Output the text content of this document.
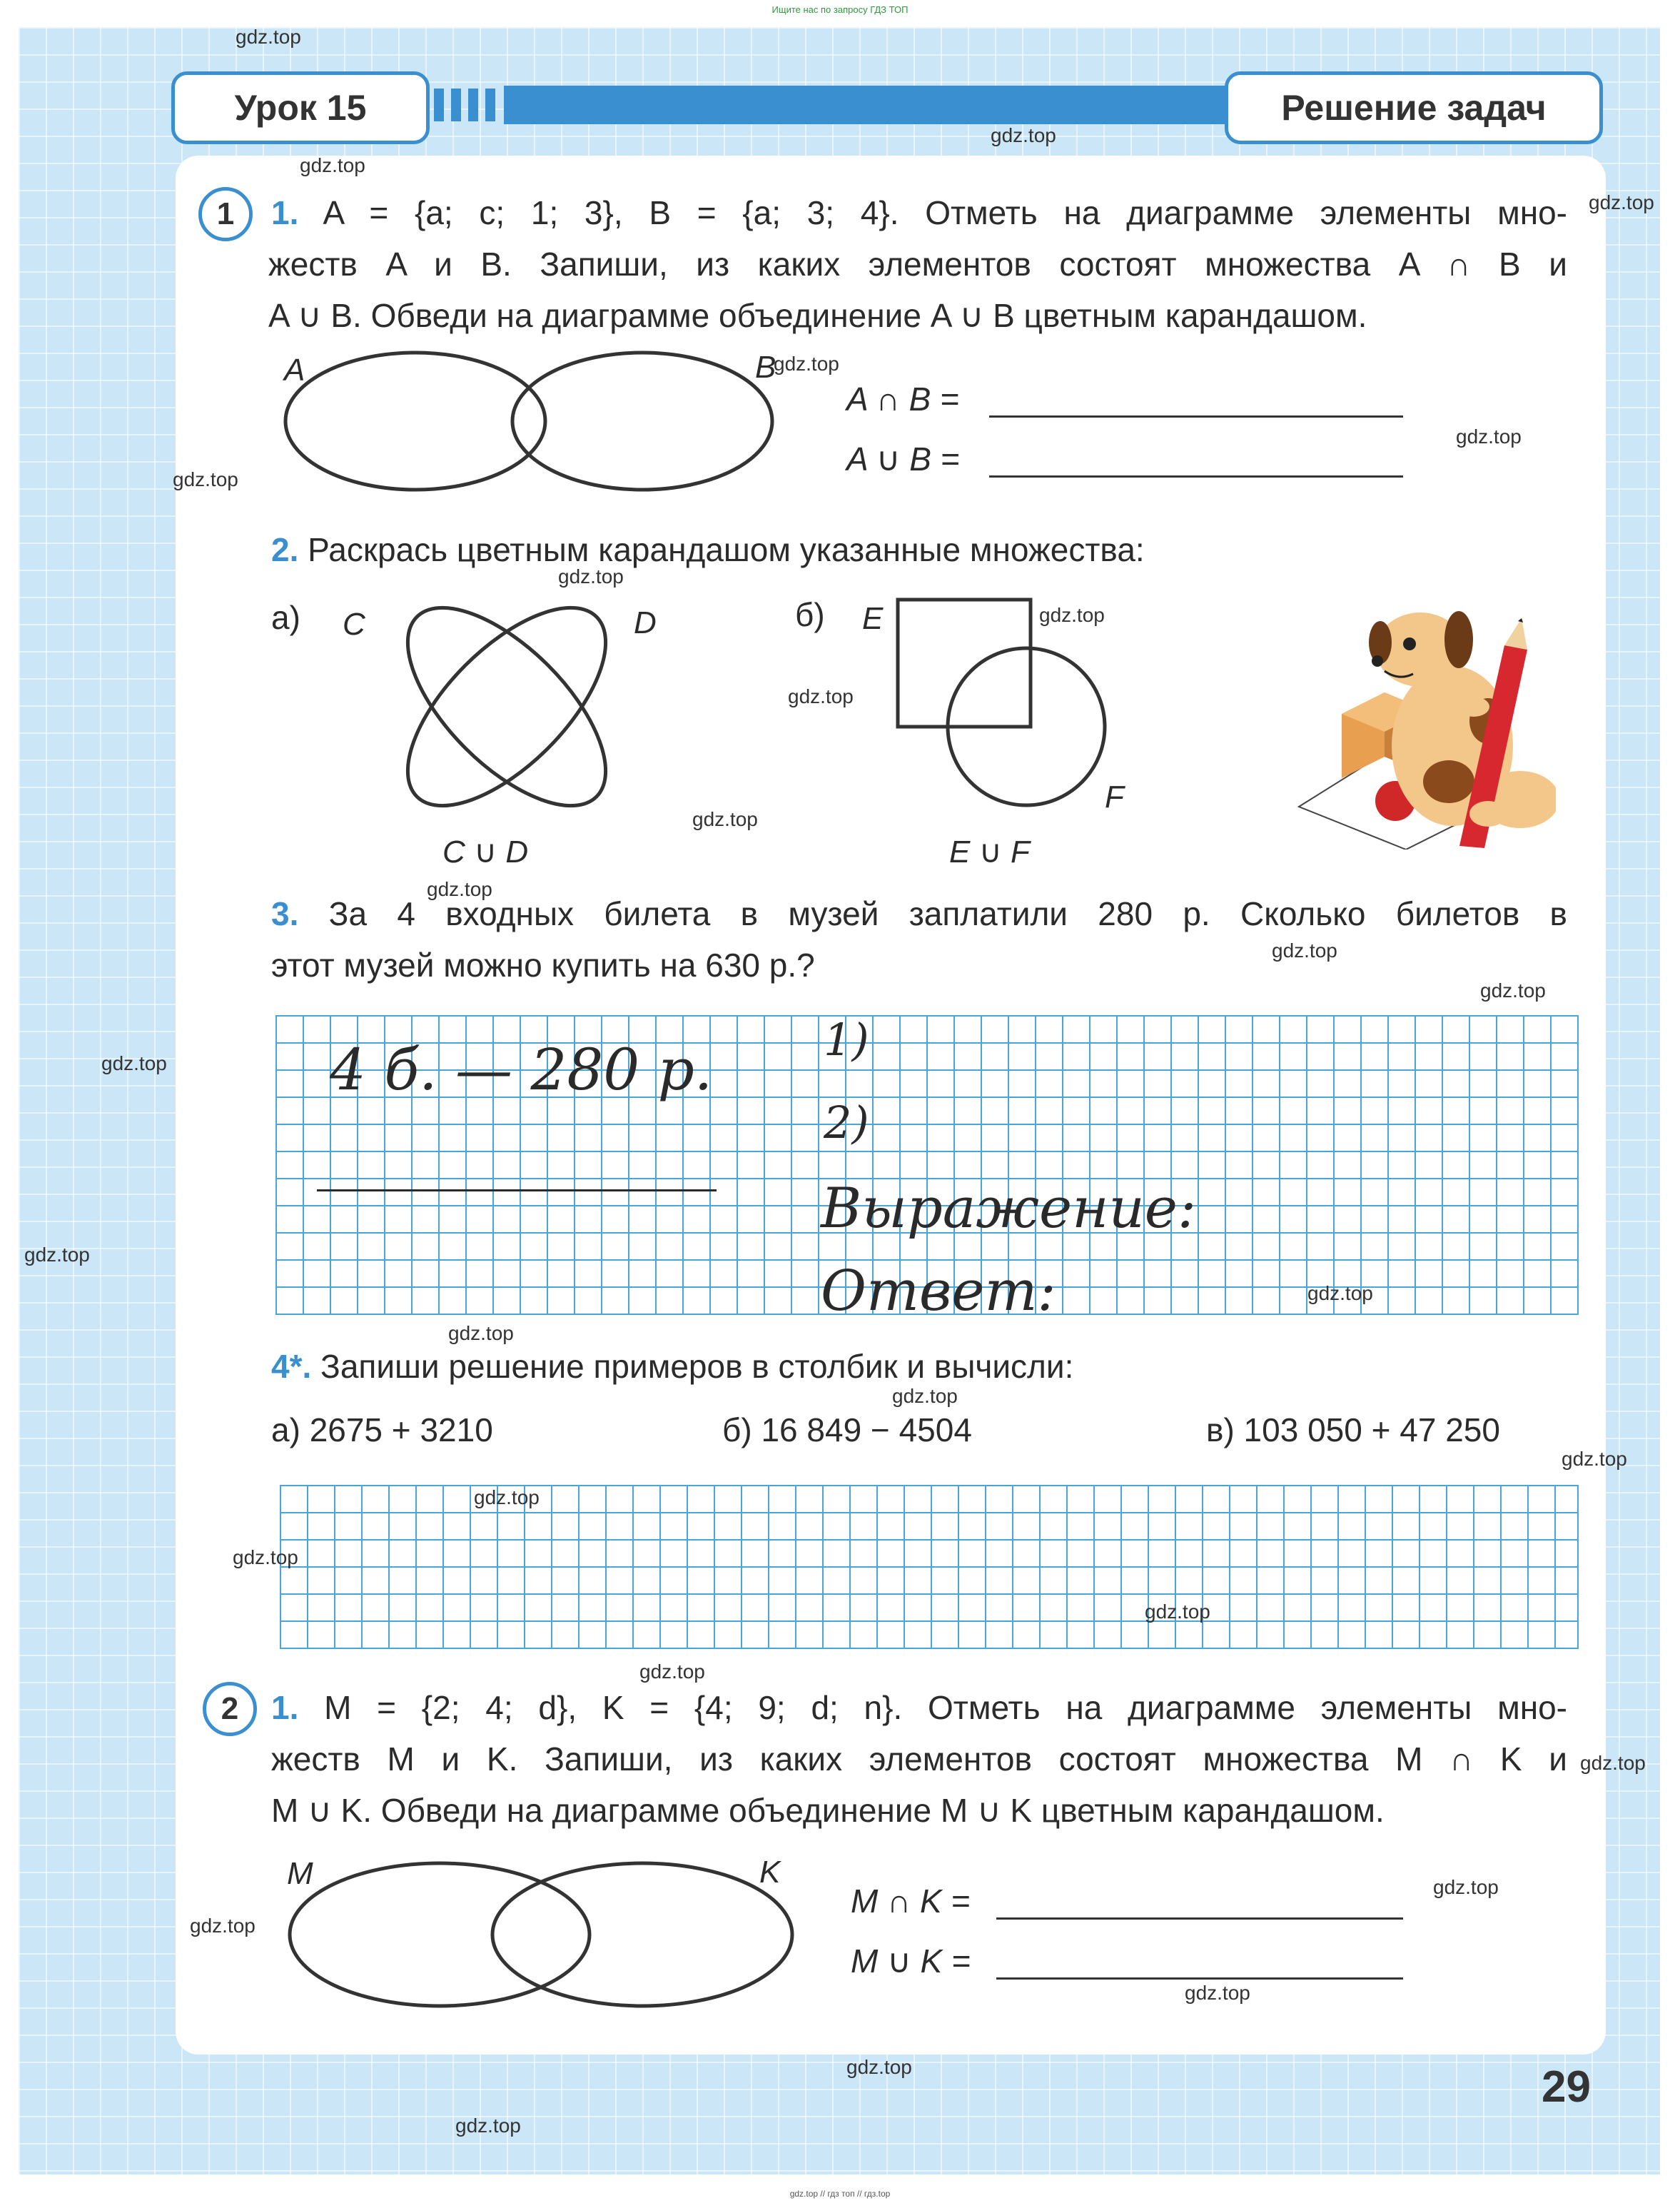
Ищите нас по запросу ГДЗ ТОП
Урок 15	Решение задач
1	1. A = {a; c; 1; 3}, B = {a; 3; 4}. Отметь на диаграмме элементы мно-
жеств A и B. Запиши, из каких элементов состоят множества A ∩ B и
A ∪ B. Обведи на диаграмме объединение A ∪ B цветным карандашом.
A	B
A ∩ B =
A ∪ B =
2. Раскрась цветным карандашом указанные множества:
а)	б)
C	D
C ∪ D
E
F
E ∪ F
3. За 4 входных билета в музей заплатили 280 р. Сколько билетов в
этот музей можно купить на 630 р.?
4 б. — 280 р.	1)
2)
Выражение:
Ответ:
4*. Запиши решение примеров в столбик и вычисли:
а) 2675 + 3210	б) 16 849 − 4504	в) 103 050 + 47 250
2 1. M = {2; 4; d}, K = {4; 9; d; n}. Отметь на диаграмме элементы мно-
жеств M и K. Запиши, из каких элементов состоят множества M ∩ K и
M ∪ K. Обведи на диаграмме объединение M ∪ K цветным карандашом.
M	K
M ∩ K =
M ∪ K =
29
gdz.top
gdz.top
gdz.top
gdz.top
gdz.top
gdz.top
gdz.top
gdz.top
gdz.top
gdz.top
gdz.top
gdz.top
gdz.top
gdz.top
gdz.top
gdz.top
gdz.top
gdz.top
gdz.top
gdz.top
gdz.top
gdz.top
gdz.top
gdz.top
gdz.top
gdz.top
gdz.top
gdz.top
gdz.top
gdz.top
gdz.top // гдз топ // гдз.top
